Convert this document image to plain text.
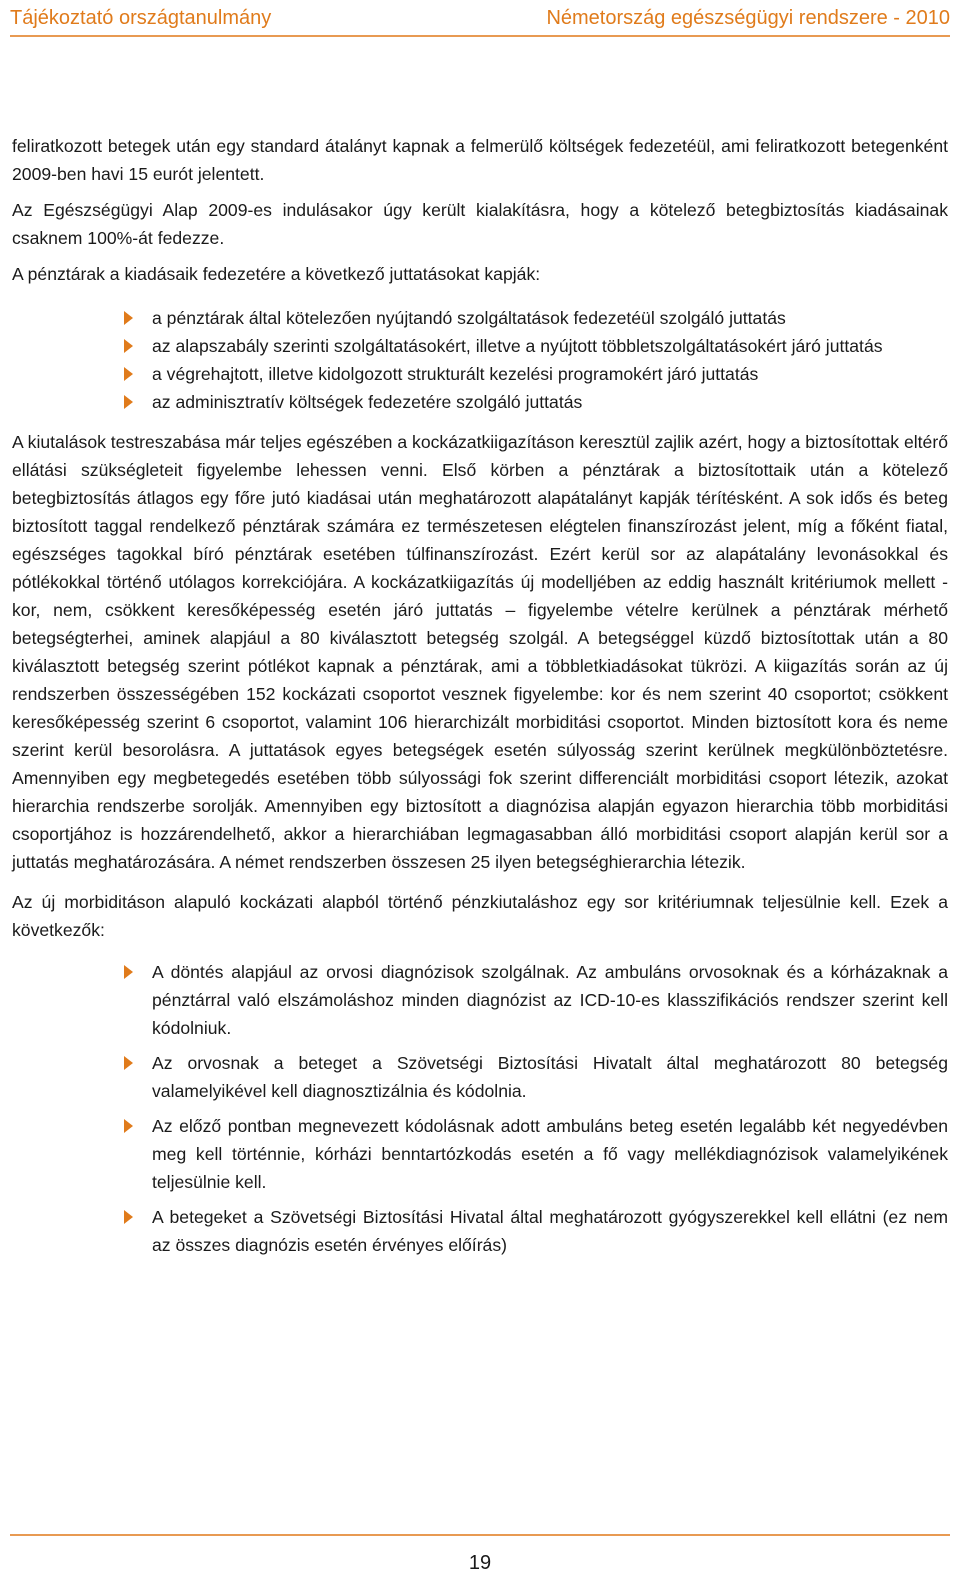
Tájékoztató országtanulmány	Németország egészségügyi rendszere - 2010

feliratkozott betegek után egy standard átalányt kapnak a felmerülő költségek fedezetéül, ami feliratkozott betegenként 2009-ben havi 15 eurót jelentett.

Az Egészségügyi Alap 2009-es indulásakor úgy került kialakításra, hogy a kötelező betegbiztosítás kiadásainak csaknem 100%-át fedezze.

A pénztárak a kiadásaik fedezetére a következő juttatásokat kapják:

a pénztárak által kötelezően nyújtandó szolgáltatások fedezetéül szolgáló juttatás
az alapszabály szerinti szolgáltatásokért, illetve a nyújtott többletszolgáltatásokért járó juttatás
a végrehajtott, illetve kidolgozott strukturált kezelési programokért járó juttatás
az adminisztratív költségek fedezetére szolgáló juttatás

A kiutalások testreszabása már teljes egészében a kockázatkiigazításon keresztül zajlik azért, hogy a biztosítottak eltérő ellátási szükségleteit figyelembe lehessen venni. Első körben a pénztárak a biztosítottaik után a kötelező betegbiztosítás átlagos egy főre jutó kiadásai után meghatározott alapátalányt kapják térítésként. A sok idős és beteg biztosított taggal rendelkező pénztárak számára ez természetesen elégtelen finanszírozást jelent, míg a főként fiatal, egészséges tagokkal bíró pénztárak esetében túlfinanszírozást. Ezért kerül sor az alapátalány levonásokkal és pótlékokkal történő utólagos korrekciójára. A kockázatkiigazítás új modelljében az eddig használt kritériumok mellett - kor, nem, csökkent keresőképesség esetén járó juttatás – figyelembe vételre kerülnek a pénztárak mérhető betegségterhei, aminek alapjául a 80 kiválasztott betegség szolgál. A betegséggel küzdő biztosítottak után a 80 kiválasztott betegség szerint pótlékot kapnak a pénztárak, ami a többletkiadásokat tükrözi. A kiigazítás során az új rendszerben összességében 152 kockázati csoportot vesznek figyelembe: kor és nem szerint 40 csoportot; csökkent keresőképesség szerint 6 csoportot, valamint 106 hierarchizált morbiditási csoportot. Minden biztosított kora és neme szerint kerül besorolásra. A juttatások egyes betegségek esetén súlyosság szerint kerülnek megkülönböztetésre. Amennyiben egy megbetegedés esetében több súlyossági fok szerint differenciált morbiditási csoport létezik, azokat hierarchia rendszerbe sorolják. Amennyiben egy biztosított a diagnózisa alapján egyazon hierarchia több morbiditási csoportjához is hozzárendelhető, akkor a hierarchiában legmagasabban álló morbiditási csoport alapján kerül sor a juttatás meghatározására. A német rendszerben összesen 25 ilyen betegséghierarchia létezik.

Az új morbiditáson alapuló kockázati alapból történő pénzkiutaláshoz egy sor kritériumnak teljesülnie kell. Ezek a következők:

A döntés alapjául az orvosi diagnózisok szolgálnak. Az ambuláns orvosoknak és a kórházaknak a pénztárral való elszámoláshoz minden diagnózist az ICD-10-es klasszifikációs rendszer szerint kell kódolniuk.
Az orvosnak a beteget a Szövetségi Biztosítási Hivatalt által meghatározott 80 betegség valamelyikével kell diagnosztizálnia és kódolnia.
Az előző pontban megnevezett kódolásnak adott ambuláns beteg esetén legalább két negyedévben meg kell történnie, kórházi benntartózkodás esetén a fő vagy mellékdiagnózisok valamelyikének teljesülnie kell.
A betegeket a Szövetségi Biztosítási Hivatal által meghatározott gyógyszerekkel kell ellátni (ez nem az összes diagnózis esetén érvényes előírás)
19
